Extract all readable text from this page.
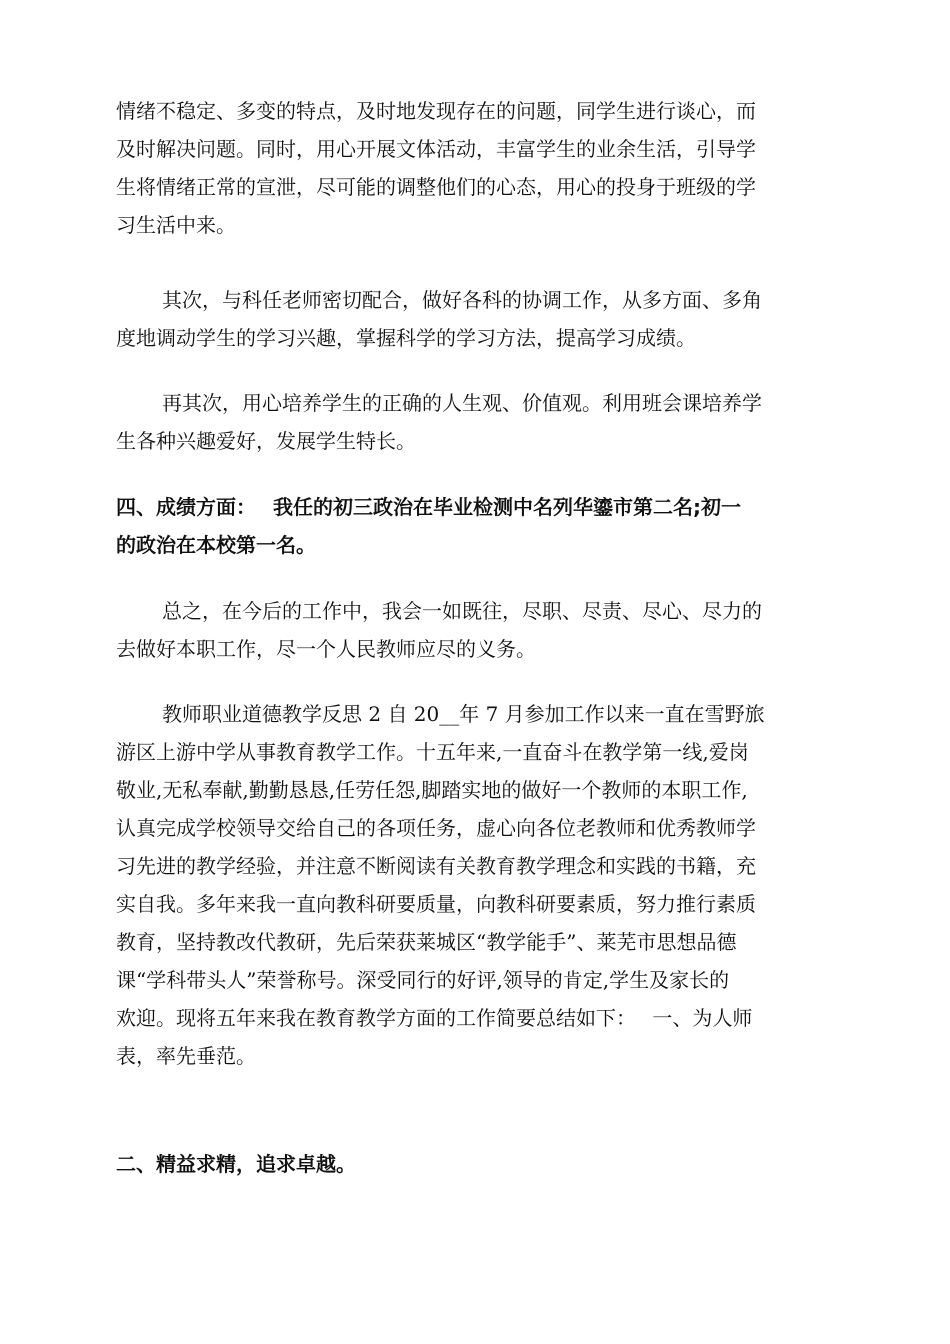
情绪不稳定、多变的特点，及时地发现存在的问题，同学生进行谈心，而
及时解决问题。同时，用心开展文体活动，丰富学生的业余生活，引导学
生将情绪正常的宣泄，尽可能的调整他们的心态，用心的投身于班级的学
习生活中来。
其次，与科任老师密切配合，做好各科的协调工作，从多方面、多角
度地调动学生的学习兴趣，掌握科学的学习方法，提高学习成绩。
再其次，用心培养学生的正确的人生观、价值观。利用班会课培养学
生各种兴趣爱好，发展学生特长。
四、成绩方面：　 我任的初三政治在毕业检测中名列华鎏市第二名;初一
的政治在本校第一名。
总之，在今后的工作中，我会一如既往，尽职、尽责、尽心、尽力的
去做好本职工作，尽一个人民教师应尽的义务。
教师职业道德教学反思 2 自 20__年 7 月参加工作以来一直在雪野旅
游区上游中学从事教育教学工作。十五年来,一直奋斗在教学第一线,爱岗
敬业,无私奉献,勤勤恳恳,任劳任怨,脚踏实地的做好一个教师的本职工作,
认真完成学校领导交给自己的各项任务，虚心向各位老教师和优秀教师学
习先进的教学经验，并注意不断阅读有关教育教学理念和实践的书籍，充
实自我。多年来我一直向教科研要质量，向教科研要素质，努力推行素质
教育，坚持教改代教研，先后荣获莱城区“教学能手”、莱芜市思想品德
课“学科带头人”荣誉称号。深受同行的好评,领导的肯定,学生及家长的
欢迎。现将五年来我在教育教学方面的工作简要总结如下：　 一、为人师
表，率先垂范。
二、精益求精，追求卓越。
